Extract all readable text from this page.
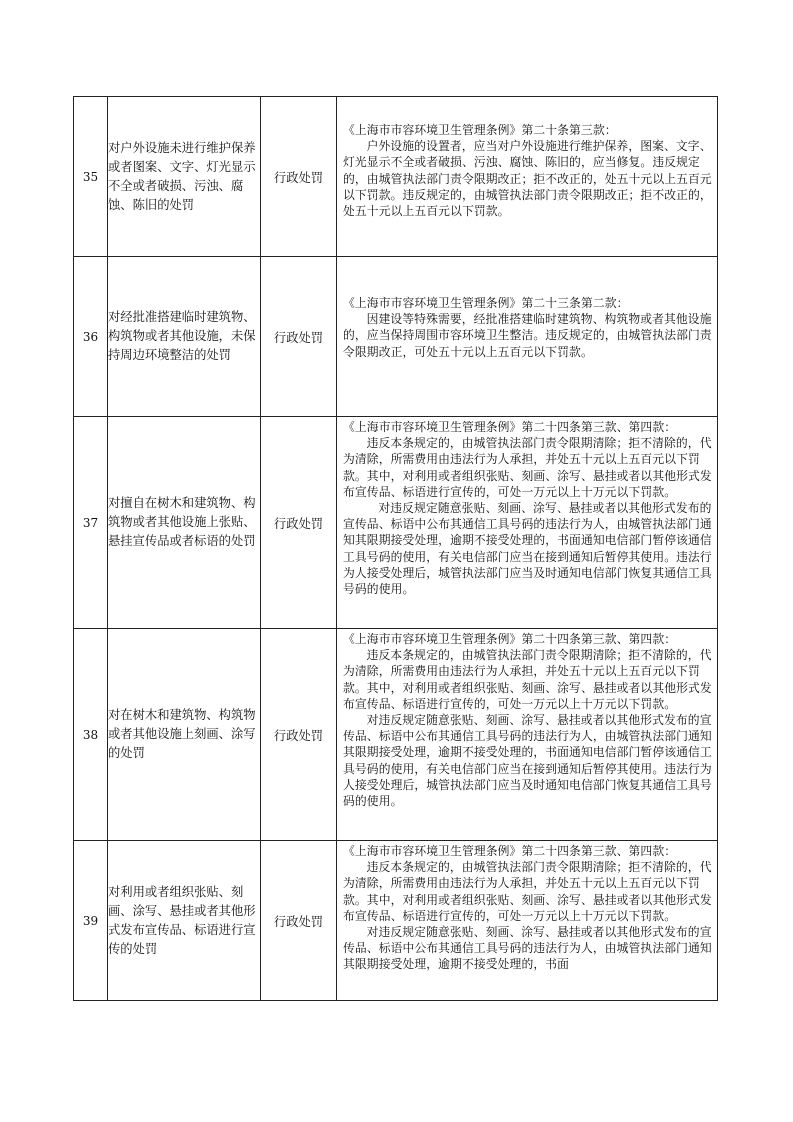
35	对户外设施未进行维护保养或者图案、文字、灯光显示不全或者破损、污浊、腐蚀、陈旧的处罚	行政处罚	《上海市市容环境卫生管理条例》第二十条第三款：

户外设施的设置者，应当对户外设施进行维护保养，图案、文字、灯光显示不全或者破损、污浊、腐蚀、陈旧的，应当修复。违反规定的，由城管执法部门责令限期改正；拒不改正的，处五十元以上五百元以下罚款。违反规定的，由城管执法部门责令限期改正；拒不改正的，处五十元以上五百元以下罚款。

36	对经批准搭建临时建筑物、构筑物或者其他设施，未保持周边环境整洁的处罚	行政处罚	《上海市市容环境卫生管理条例》第二十三条第二款：

因建设等特殊需要，经批准搭建临时建筑物、构筑物或者其他设施的，应当保持周围市容环境卫生整洁。违反规定的，由城管执法部门责令限期改正，可处五十元以上五百元以下罚款。

37	对擅自在树木和建筑物、构筑物或者其他设施上张贴、悬挂宣传品或者标语的处罚	行政处罚	《上海市市容环境卫生管理条例》第二十四条第三款、第四款：

违反本条规定的，由城管执法部门责令限期清除；拒不清除的，代为清除，所需费用由违法行为人承担，并处五十元以上五百元以下罚款。其中，对利用或者组织张贴、刻画、涂写、悬挂或者以其他形式发布宣传品、标语进行宣传的，可处一万元以上十万元以下罚款。

对违反规定随意张贴、刻画、涂写、悬挂或者以其他形式发布的宣传品、标语中公布其通信工具号码的违法行为人，由城管执法部门通知其限期接受处理，逾期不接受处理的，书面通知电信部门暂停该通信工具号码的使用，有关电信部门应当在接到通知后暂停其使用。违法行为人接受处理后，城管执法部门应当及时通知电信部门恢复其通信工具号码的使用。

38	对在树木和建筑物、构筑物或者其他设施上刻画、涂写的处罚	行政处罚	《上海市市容环境卫生管理条例》第二十四条第三款、第四款：

违反本条规定的，由城管执法部门责令限期清除；拒不清除的，代为清除，所需费用由违法行为人承担，并处五十元以上五百元以下罚款。其中，对利用或者组织张贴、刻画、涂写、悬挂或者以其他形式发布宣传品、标语进行宣传的，可处一万元以上十万元以下罚款。

对违反规定随意张贴、刻画、涂写、悬挂或者以其他形式发布的宣传品、标语中公布其通信工具号码的违法行为人，由城管执法部门通知其限期接受处理，逾期不接受处理的，书面通知电信部门暂停该通信工具号码的使用，有关电信部门应当在接到通知后暂停其使用。违法行为人接受处理后，城管执法部门应当及时通知电信部门恢复其通信工具号码的使用。

39	对利用或者组织张贴、刻画、涂写、悬挂或者其他形式发布宣传品、标语进行宣传的处罚	行政处罚	《上海市市容环境卫生管理条例》第二十四条第三款、第四款：

违反本条规定的，由城管执法部门责令限期清除；拒不清除的，代为清除，所需费用由违法行为人承担，并处五十元以上五百元以下罚款。其中，对利用或者组织张贴、刻画、涂写、悬挂或者以其他形式发布宣传品、标语进行宣传的，可处一万元以上十万元以下罚款。

对违反规定随意张贴、刻画、涂写、悬挂或者以其他形式发布的宣传品、标语中公布其通信工具号码的违法行为人，由城管执法部门通知其限期接受处理，逾期不接受处理的，书面
